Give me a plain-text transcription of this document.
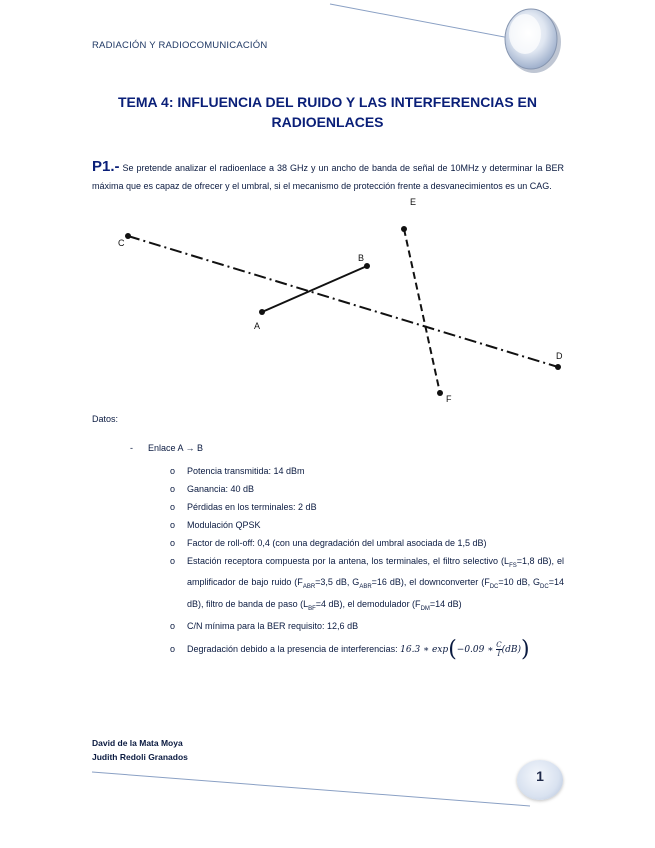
RADIACIÓN Y RADIOCOMUNICACIÓN
TEMA 4: INFLUENCIA DEL RUIDO Y LAS INTERFERENCIAS EN
RADIOENLACES
P1.- Se pretende analizar el radioenlace a 38 GHz y un ancho de banda de señal de 10MHz y determinar la BER máxima que es capaz de ofrecer y el umbral, si el mecanismo de protección frente a desvanecimientos es un CAG.
A
B
C
D
E
F
Datos:
- Enlace A → B
o Potencia transmitida: 14 dBm
o Ganancia: 40 dB
o Pérdidas en los terminales: 2 dB
o Modulación QPSK
o Factor de roll-off: 0,4 (con una degradación del umbral asociada de 1,5 dB)
o Estación receptora compuesta por la antena, los terminales, el filtro selectivo ($L_{FS}=1,8$ dB), el amplificador de bajo ruido ($F_{ABR}=3,5$ dB, $G_{ABR}=16$ dB), el downconverter ($F_{DC}=10$ dB, $G_{DC}=14$ dB), filtro de banda de paso ($L_{BF}=4$ dB), el demodulador ($F_{DM}=14$ dB)
o C/N mínima para la BER requisito: 12,6 dB
o Degradación debido a la presencia de interferencias: 16.3 ∗ exp(−0.09 ∗ $\frac{C}{I} (dB)$)
David de la Mata Moya
Judith Redoli Granados
1
